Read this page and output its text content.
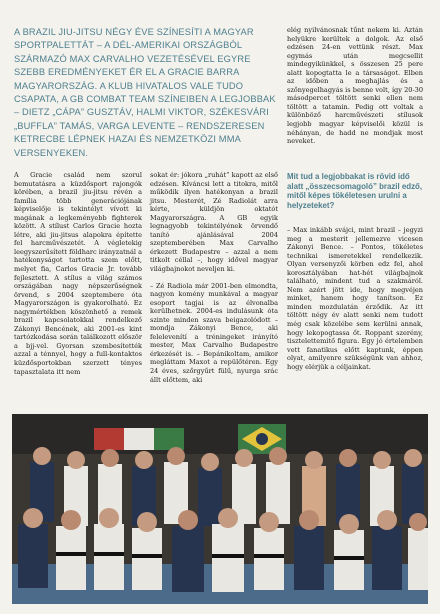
A BRAZIL JIU-JITSU NÉGY ÉVE SZÍNESÍTI A MAGYAR SPORTPALETTÁT – A DÉL-AMERIKAI ORSZÁGBÓL SZÁRMAZÓ MAX CARVALHO VEZETÉSÉVEL EGYRE SZEBB EREDMÉNYEKET ÉR EL A GRACIE BARRA MAGYARORSZÁG. A KLUB HIVATALOS VALE TUDO CSAPATA, A GB COMBAT TEAM SZÍNEIBEN A LEGJOBBAK – DIETZ „CÁPA” GUSZTÁV, HALMI VIKTOR, SZÉKESVÁRI „BUFFLA” TAMÁS, VARGA LEVENTE – RENDSZERESEN KETRECBE LÉPNEK HAZAI ÉS NEMZETKÖZI MMA VERSENYEKEN.

A Gracie család nem szorul bemutatásra a küzdősport rajongók körében, a brazil jiu-jitsu révén a família több generációjának képviselője is tekintélyt vívott ki magának a legkeményebb fighterek között. A stílust Carlos Gracie hozta létre, aki jiu-jitsus alapokra építette fel harcművészetét. A végletekig leegyszerűsített földharc irányzatnál a hatékonyságot tartotta szem előtt, melyet fia, Carlos Gracie Jr. tovább fejlesztett. A stílus a világ számos országában nagy népszerűségnek örvend, s 2004 szeptembere óta Magyarországon is gyakorolható. Ez nagymértékben köszönhető a remek brazil kapcsolatokkal rendelkező Zákonyi Bencének, aki 2001-es kint tartózkodása során találkozott először a bjj-vel. Gyorsan szembesítették azzal a ténnyel, hogy a full-kontaktos küzdősportokban szerzett tényes tapasztalata itt nem

sokat ér: jókora „ruhát” kapott az első edzésen. Kíváncsi lett a titokra, mitől működik ilyen hatékonyan a brazil jitsu. Mesterét, Zé Radiolát arra kérte, küldjön oktatót Magyarországra. A GB egyik legnagyobb tekintélyének örvendő tanító ajánlásával 2004 szeptemberében Max Carvalho érkezett Budapestre – azzal a nem titkolt céllal –, hogy idővel magyar világbajnokot neveljen ki.

– Zé Radiola már 2001-ben elmondta, nagyon komény munkával a magyar esoport tagjai is az élvonalba kerülhetnek. 2004-es indulásunk óta szinte minden szava beigazolódott – mondja Zákonyi Bence, aki felelevenítí a tréningeket irányító mester, Max Carvalho Budapestre érkezését is. – Bepánikoltam, amikor megláttam Maxot a repülőtéren. Egy 24 éves, szőrgyűrt fülű, nyurga srác állt előttem, aki

elég nyilvánosnak tűnt nekem ki. Aztán helyükre kerültek a dolgok. Az első edzésen 24-en vettünk részt. Max egymás után megcsellit mindegyikünkkel, s összesen 25 pere alatt kopogtatta le a társaságot. Elben az időben a meghajlás és a szőnyegelhagyás is benne volt, így 20-30 másodpercet töltött senki ellen nem töltött a tatamin. Pedig ott voltak a különböző harcművészeti stílusok legjobb magyar képviselői közül is néhányan, de hadd ne mondjak most neveket.

Mit tud a legjobbakat is rövid idő alatt „összecsomagoló” brazil edző, mitől képes tökéletesen urulni a helyzeteket?

– Max inkább svájci, mint brazil – jegyzi meg a mesterit jellemezve vicesen Zákonyi Bence. – Pontos, tökéletes technikai ismeretekkel rendelkezik. Olyan versenyzői körben edz fel, ahol korosztályában hat-hét világbajnok található, mindent tud a szakmáról. Nem azért jött ide, hogy megvéjen minket, hanem hogy tanítson. Ez minden mozdulatán érződik. Az itt töltött négy év alatt senki nem tudott még csak közelébe sem kerülni annak, hogy lekopogtassa őt. Roppant szerény, tisztelettemitő figura. Egy jó értelemben vett fanatikus előtt kaptunk, éppen olyat, amilyenre szükségünk van ahhoz, hogy elérjük a céljainkat.
